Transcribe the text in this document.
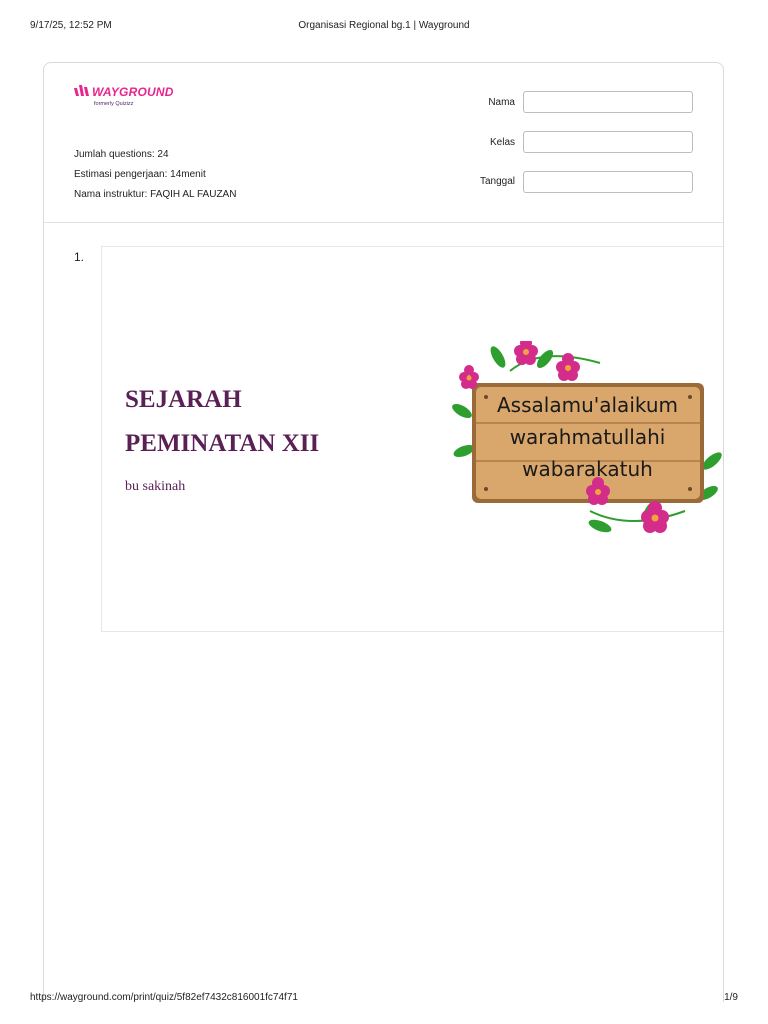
9/17/25, 12:52 PM	Organisasi Regional bg.1 | Wayground
WAYGROUND
formerly Quizizz
Jumlah questions: 24
Estimasi pengerjaan: 14menit
Nama instruktur: FAQIH AL FAUZAN
Nama
Kelas
Tanggal
1.
SEJARAH
PEMINATAN XII
bu sakinah
Assalamu'alaikum
warahmatullahi
wabarakatuh
https://wayground.com/print/quiz/5f82ef7432c816001fc74f71	1/9
